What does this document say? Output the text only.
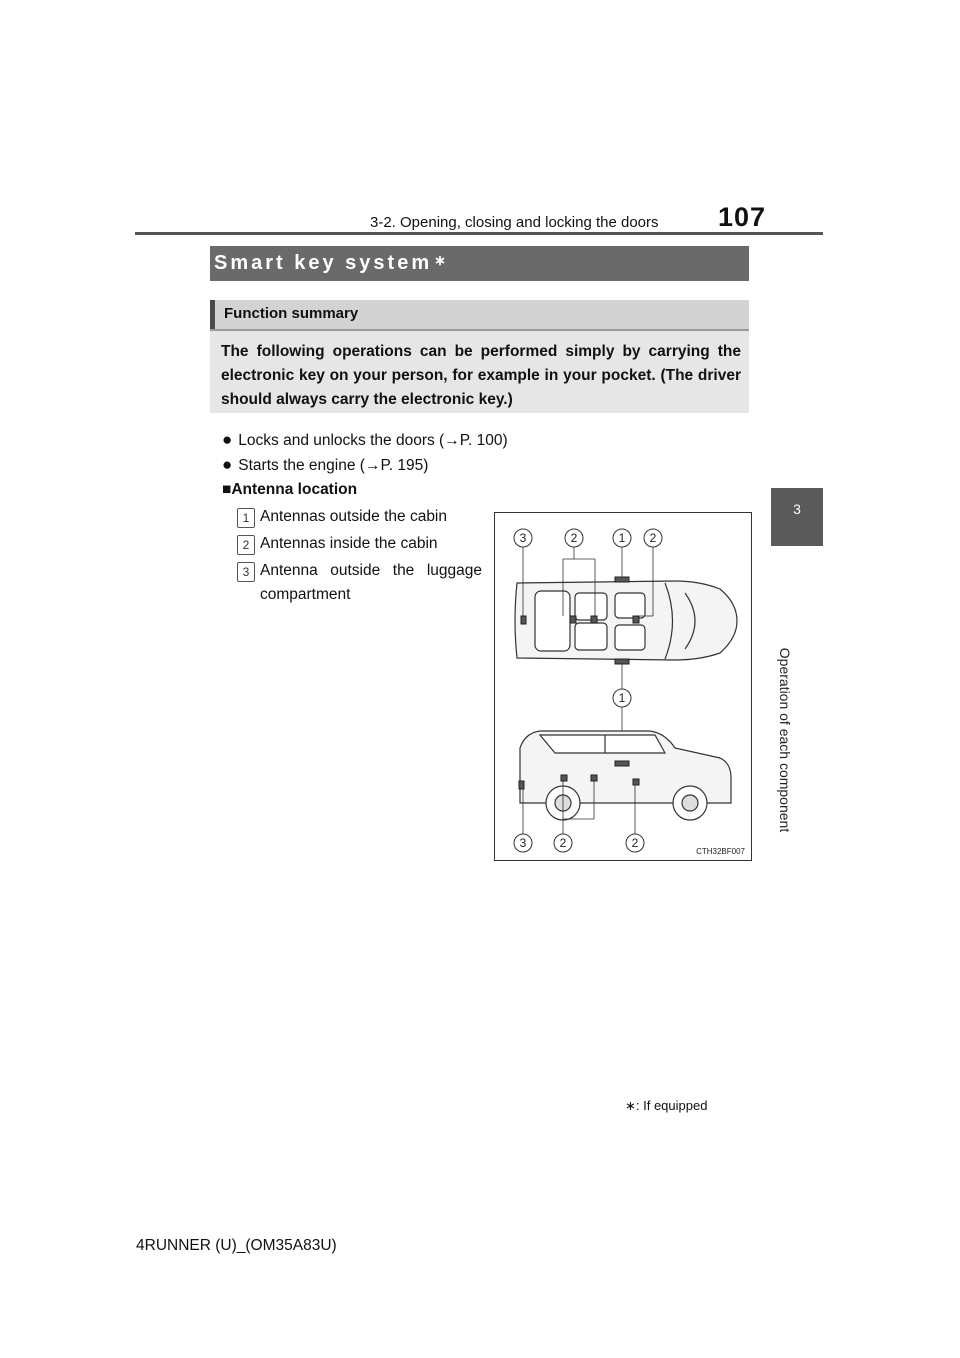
3-2. Opening, closing and locking the doors 107
3
Operation of each component
Smart key system ∗
Function summary
The following operations can be performed simply by carrying the electronic key on your person, for example in your pocket. (The driver should always carry the electronic key.)
● Locks and unlocks the doors (→P. 100)
● Starts the engine (→P. 195)
■Antenna location
1 Antennas outside the cabin
2 Antennas inside the cabin
3 Antenna outside the luggage compartment
3	2	1 2
1
3	2	2
CTH32BF007
∗: If equipped
4RUNNER (U)_(OM35A83U)
